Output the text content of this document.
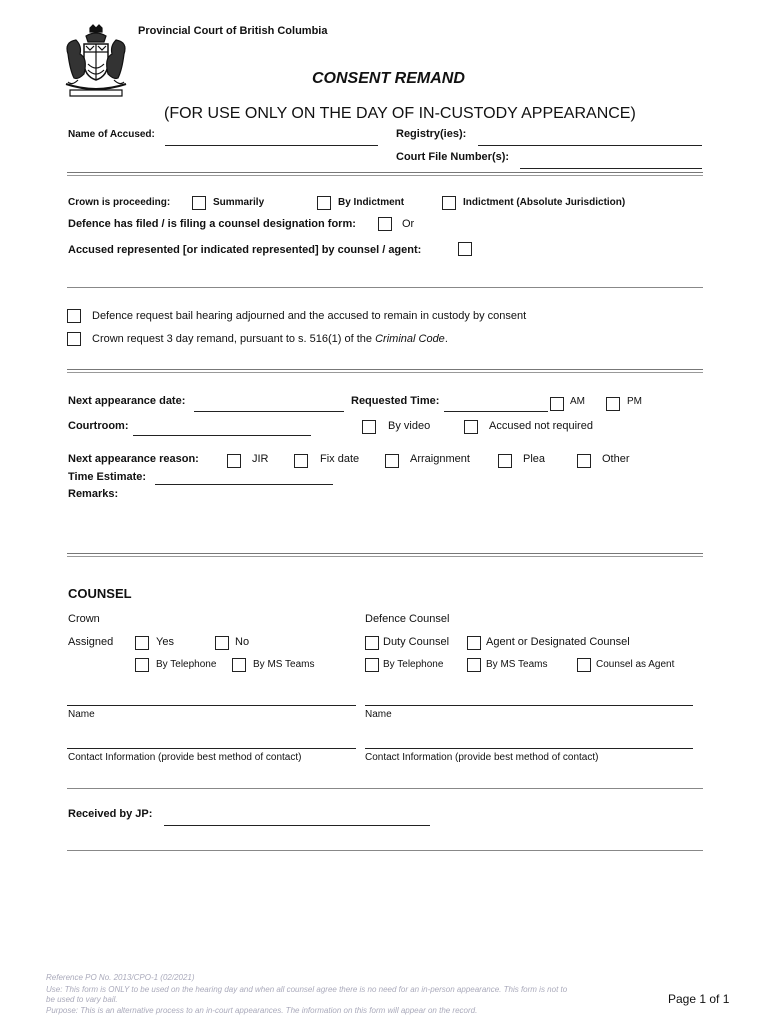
Provincial Court of British Columbia
CONSENT REMAND
(FOR USE ONLY ON THE DAY OF IN-CUSTODY APPEARANCE)
Name of Accused:	Registry(ies):
Court File Number(s):
Crown is proceeding:	Summarily	By Indictment	Indictment (Absolute Jurisdiction)
Defence has filed / is filing a counsel designation form:	Or
Accused represented [or indicated represented] by counsel / agent:
Defence request bail hearing adjourned and the accused to remain in custody by consent
Crown request 3 day remand, pursuant to s. 516(1) of the Criminal Code.
Next appearance date:	Requested Time:	AM	PM
Courtroom:	By video	Accused not required
Next appearance reason:	JIR	Fix date	Arraignment	Plea	Other
Time Estimate:
Remarks:
COUNSEL
Crown	Defence Counsel
Assigned	Yes	No	Duty Counsel	Agent or Designated Counsel
By Telephone	By MS Teams	By Telephone	By MS Teams	Counsel as Agent
Name	Name
Contact Information (provide best method of contact)	Contact Information (provide best method of contact)
Received by JP:
Reference PO No. 2013/CPO-1 (02/2021)
Use: This form is ONLY to be used on the hearing day and when all counsel agree there is no need for an in-person appearance. This form is not to
be used to vary bail.
Purpose: This is an alternative process to an in-court appearances. The information on this form will appear on the record.
Page 1 of 1
